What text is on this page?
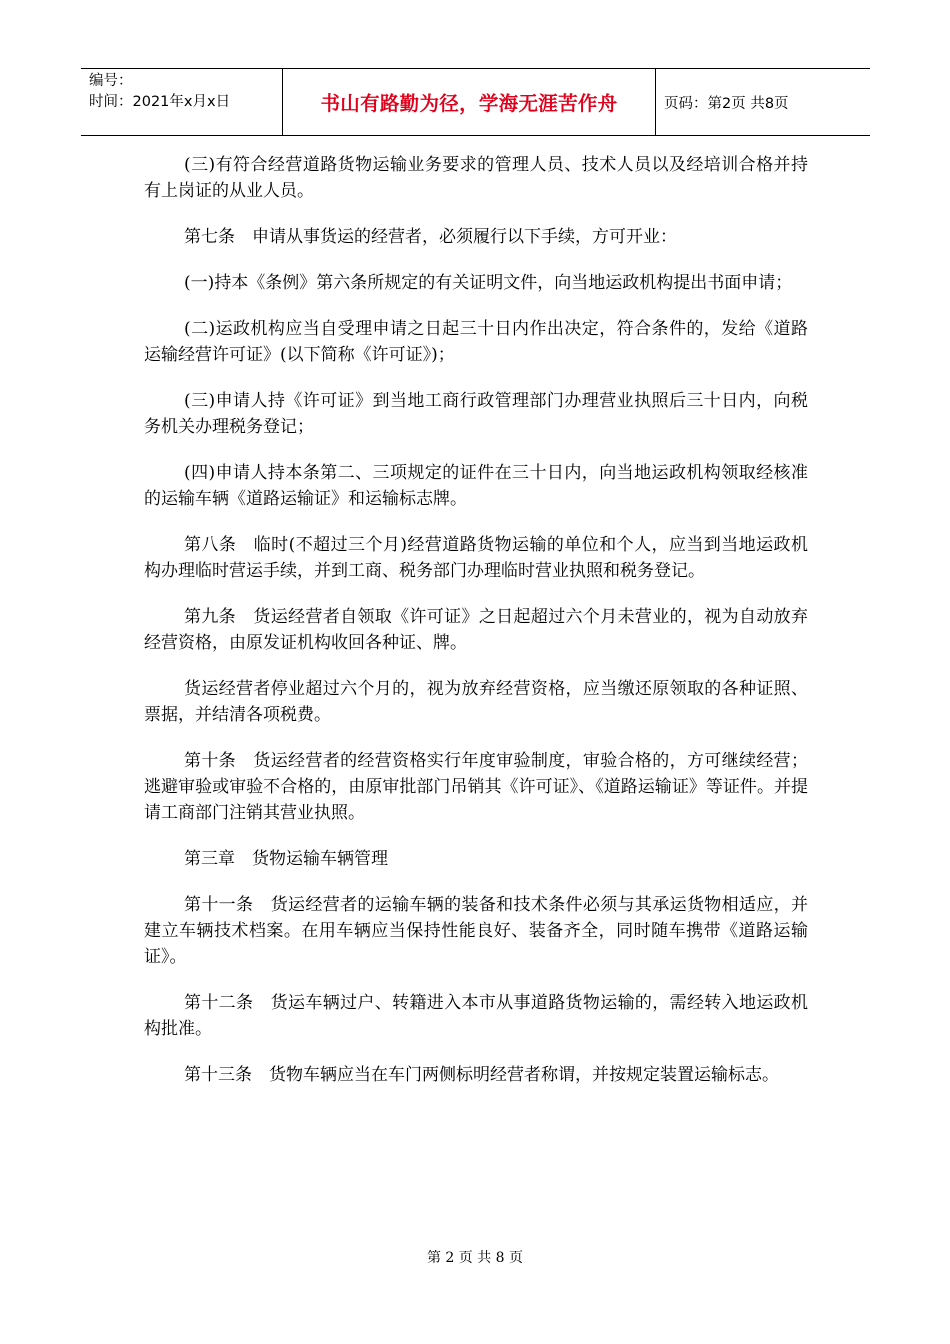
编号：
时间：2021年x月x日	书山有路勤为径，学海无涯苦作舟	页码：第2页 共8页

(三)有符合经营道路货物运输业务要求的管理人员、技术人员以及经培训合格并持有上岗证的从业人员。

第七条　申请从事货运的经营者，必须履行以下手续，方可开业：

(一)持本《条例》第六条所规定的有关证明文件，向当地运政机构提出书面申请；

(二)运政机构应当自受理申请之日起三十日内作出决定，符合条件的，发给《道路运输经营许可证》(以下简称《许可证》)；

(三)申请人持《许可证》到当地工商行政管理部门办理营业执照后三十日内，向税务机关办理税务登记；

(四)申请人持本条第二、三项规定的证件在三十日内，向当地运政机构领取经核准的运输车辆《道路运输证》和运输标志牌。

第八条　临时(不超过三个月)经营道路货物运输的单位和个人，应当到当地运政机构办理临时营运手续，并到工商、税务部门办理临时营业执照和税务登记。

第九条　货运经营者自领取《许可证》之日起超过六个月未营业的，视为自动放弃经营资格，由原发证机构收回各种证、牌。

货运经营者停业超过六个月的，视为放弃经营资格，应当缴还原领取的各种证照、票据，并结清各项税费。

第十条　货运经营者的经营资格实行年度审验制度，审验合格的，方可继续经营；逃避审验或审验不合格的，由原审批部门吊销其《许可证》、《道路运输证》等证件。并提请工商部门注销其营业执照。

第三章　货物运输车辆管理

第十一条　货运经营者的运输车辆的装备和技术条件必须与其承运货物相适应，并建立车辆技术档案。在用车辆应当保持性能良好、装备齐全，同时随车携带《道路运输证》。

第十二条　货运车辆过户、转籍进入本市从事道路货物运输的，需经转入地运政机构批准。

第十三条　货物车辆应当在车门两侧标明经营者称谓，并按规定装置运输标志。

第 2 页 共 8 页
